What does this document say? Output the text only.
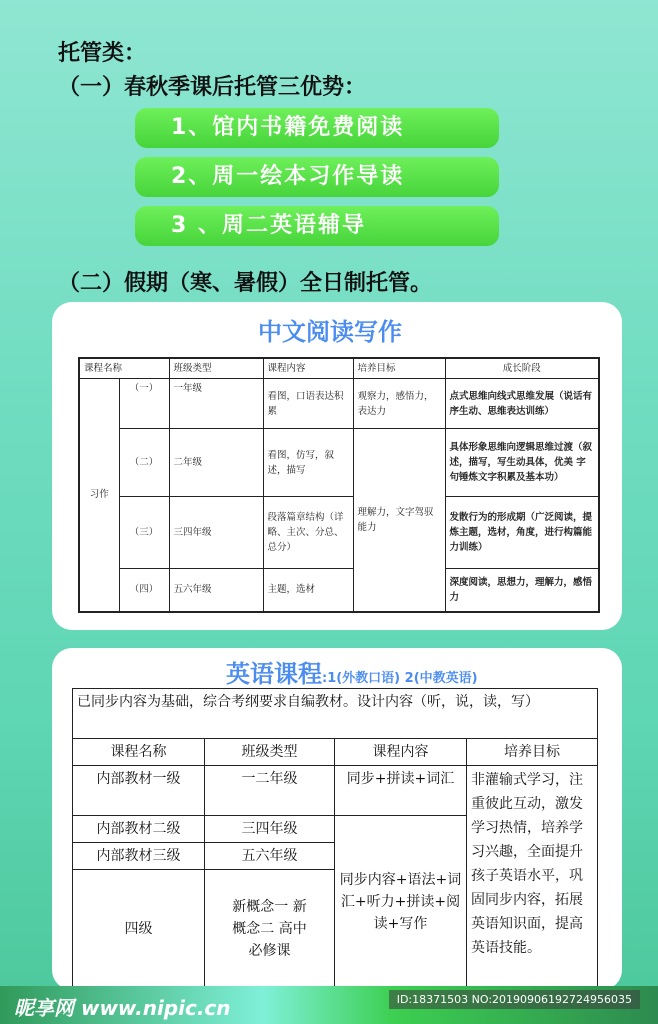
托管类：
（一）春秋季课后托管三优势：
1、馆内书籍免费阅读
2、周一绘本习作导读
3 、周二英语辅导
（二）假期（寒、暑假）全日制托管。
中文阅读写作
课程名称		班级类型	课程内容	培养目标	成长阶段
习作	（一）	一年级	看图，口语表达积累	观察力，感悟力，表达力	点式思维向线式思维发展（说话有序生动、思维表达训练）
	（二）	二年级	看图，仿写，叙述，描写	理解力，文字驾驭能力	具体形象思维向逻辑思维过渡（叙述，描写，写生动具体，优美 字句锤炼文字积累及基本功）
	（三）	三四年级	段落篇章结构（详略、主次、分总、总分）		发散行为的形成期（广泛阅读，提炼主题，选材，角度，进行构篇能力训练）
	（四）	五六年级	主题，选材		深度阅读，思想力，理解力，感悟力
英语课程:1(外教口语) 2(中教英语)
已同步内容为基础，综合考纲要求自编教材。设计内容（听，说，读，写）			
课程名称	班级类型	课程内容	培养目标
内部教材一级	一二年级	同步+拼读+词汇	非灌输式学习，注重彼此互动，激发学习热情，培养学习兴趣，全面提升孩子英语水平，巩固同步内容，拓展英语知识面，提高英语技能。
内部教材二级	三四年级	同步内容+语法+词汇+听力+拼读+阅读+写作	
内部教材三级	五六年级		
四级	新概念一 新概念二 高中必修课		
昵享网 www.nipic.cn	ID:18371503 NO:20190906192724956035
